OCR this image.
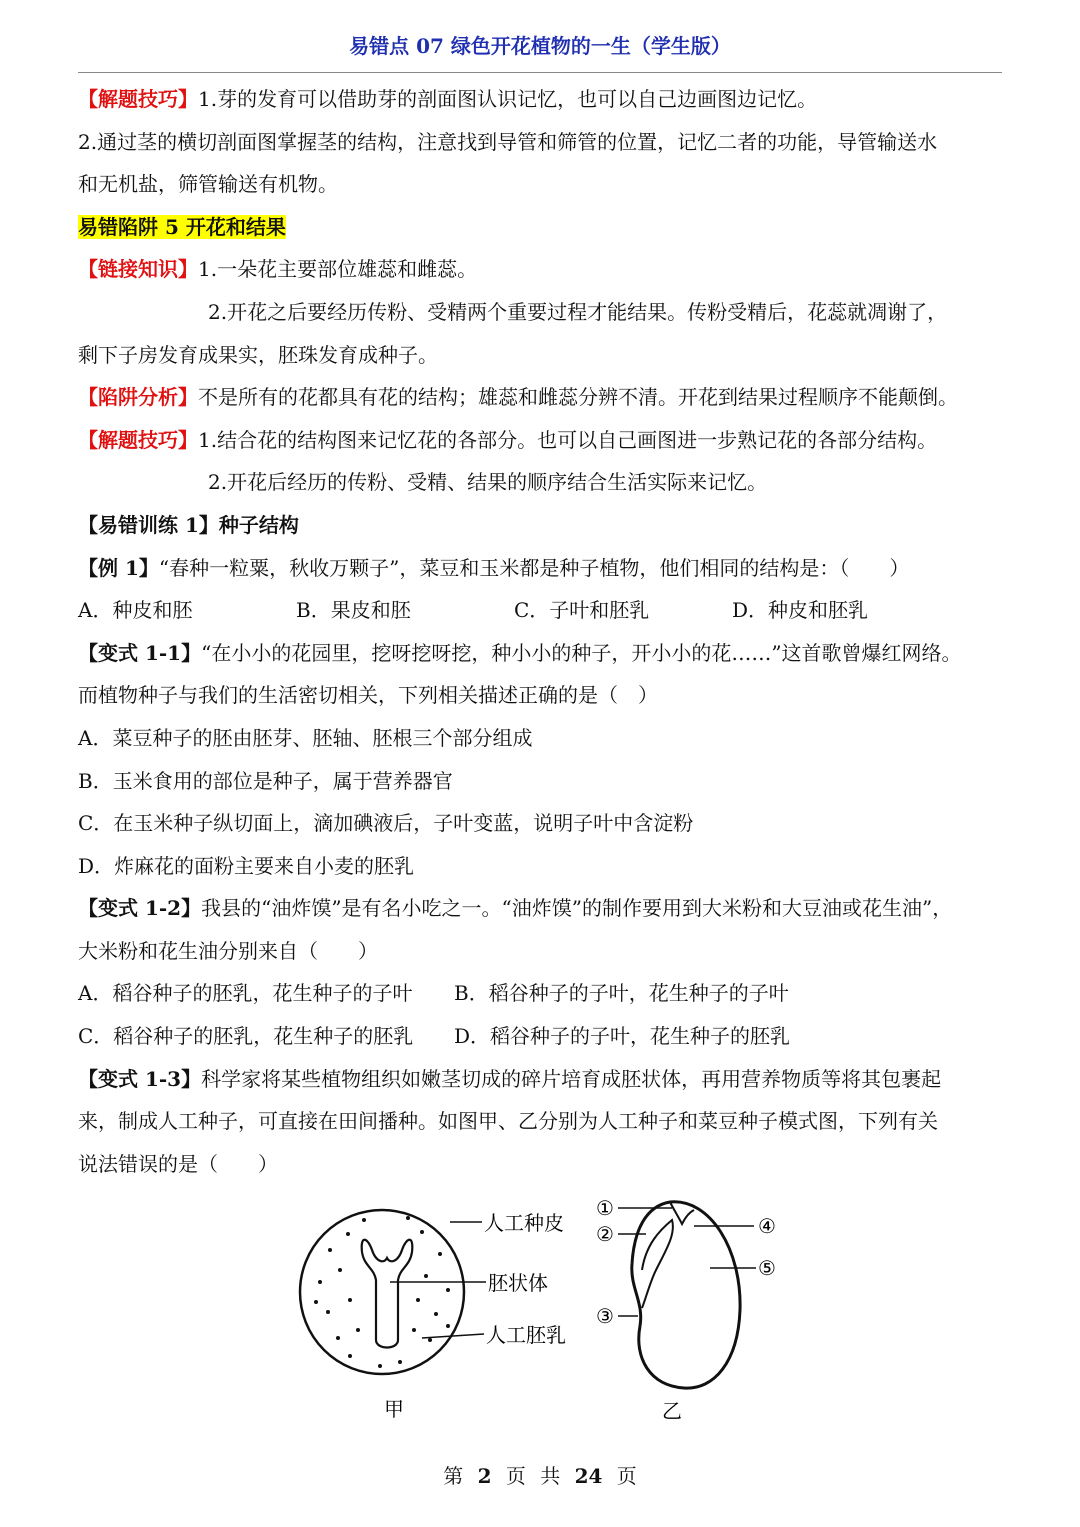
易错点 07 绿色开花植物的一生（学生版）
【解题技巧】1.芽的发育可以借助芽的剖面图认识记忆，也可以自己边画图边记忆。
2.通过茎的横切剖面图掌握茎的结构，注意找到导管和筛管的位置，记忆二者的功能，导管输送水
和无机盐，筛管输送有机物。
易错陷阱 5 开花和结果
【链接知识】1.一朵花主要部位雄蕊和雌蕊。
2.开花之后要经历传粉、受精两个重要过程才能结果。传粉受精后，花蕊就凋谢了，
剩下子房发育成果实，胚珠发育成种子。
【陷阱分析】不是所有的花都具有花的结构；雄蕊和雌蕊分辨不清。开花到结果过程顺序不能颠倒。
【解题技巧】1.结合花的结构图来记忆花的各部分。也可以自己画图进一步熟记花的各部分结构。
2.开花后经历的传粉、受精、结果的顺序结合生活实际来记忆。
【易错训练 1】种子结构
【例 1】“春种一粒粟，秋收万颗子”，菜豆和玉米都是种子植物，他们相同的结构是：（　　）
A．种皮和胚	B．果皮和胚	C．子叶和胚乳	D．种皮和胚乳
【变式 1-1】“在小小的花园里，挖呀挖呀挖，种小小的种子，开小小的花……”这首歌曾爆红网络。
而植物种子与我们的生活密切相关，下列相关描述正确的是（　）
A．菜豆种子的胚由胚芽、胚轴、胚根三个部分组成
B．玉米食用的部位是种子，属于营养器官
C．在玉米种子纵切面上，滴加碘液后，子叶变蓝，说明子叶中含淀粉
D．炸麻花的面粉主要来自小麦的胚乳
【变式 1-2】我县的“油炸馍”是有名小吃之一。“油炸馍”的制作要用到大米粉和大豆油或花生油”，
大米粉和花生油分别来自（　　）
A．稻谷种子的胚乳，花生种子的子叶	B．稻谷种子的子叶，花生种子的子叶
C．稻谷种子的胚乳，花生种子的胚乳	D．稻谷种子的子叶，花生种子的胚乳
【变式 1-3】科学家将某些植物组织如嫩茎切成的碎片培育成胚状体，再用营养物质等将其包裹起
来，制成人工种子，可直接在田间播种。如图甲、乙分别为人工种子和菜豆种子模式图，下列有关
说法错误的是（　　）
人工种皮
胚状体
人工胚乳
甲
①
②
③
④
⑤
乙
第 2 页 共 24 页
